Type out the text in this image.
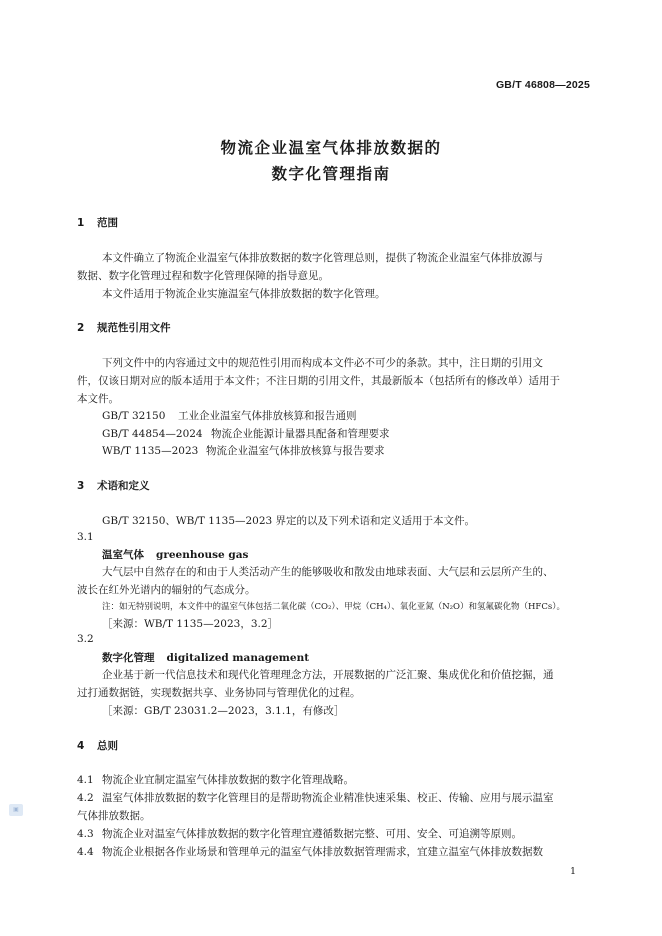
GB/T 46808—2025
物流企业温室气体排放数据的
数字化管理指南
1 范围
本文件确立了物流企业温室气体排放数据的数字化管理总则，提供了物流企业温室气体排放源与
数据、数字化管理过程和数字化管理保障的指导意见。
本文件适用于物流企业实施温室气体排放数据的数字化管理。
2 规范性引用文件
下列文件中的内容通过文中的规范性引用而构成本文件必不可少的条款。其中，注日期的引用文
件，仅该日期对应的版本适用于本文件；不注日期的引用文件，其最新版本（包括所有的修改单）适用于
本文件。
GB/T 32150 工业企业温室气体排放核算和报告通则
GB/T 44854—2024 物流企业能源计量器具配备和管理要求
WB/T 1135—2023 物流企业温室气体排放核算与报告要求
3 术语和定义
GB/T 32150、WB/T 1135—2023 界定的以及下列术语和定义适用于本文件。
3.1
温室气体 greenhouse gas
大气层中自然存在的和由于人类活动产生的能够吸收和散发由地球表面、大气层和云层所产生的、
波长在红外光谱内的辐射的气态成分。
注：如无特别说明，本文件中的温室气体包括二氧化碳（CO₂）、甲烷（CH₄）、氧化亚氮（N₂O）和氢氟碳化物（HFCs）。
［来源：WB/T 1135—2023，3.2］
3.2
数字化管理 digitalized management
企业基于新一代信息技术和现代化管理理念方法，开展数据的广泛汇聚、集成优化和价值挖掘，通
过打通数据链，实现数据共享、业务协同与管理优化的过程。
［来源：GB/T 23031.2—2023，3.1.1，有修改］
4 总则
4.1 物流企业宜制定温室气体排放数据的数字化管理战略。
4.2 温室气体排放数据的数字化管理目的是帮助物流企业精准快速采集、校正、传输、应用与展示温室
气体排放数据。
4.3 物流企业对温室气体排放数据的数字化管理宜遵循数据完整、可用、安全、可追溯等原则。
4.4 物流企业根据各作业场景和管理单元的温室气体排放数据管理需求，宜建立温室气体排放数据数
1
▣
